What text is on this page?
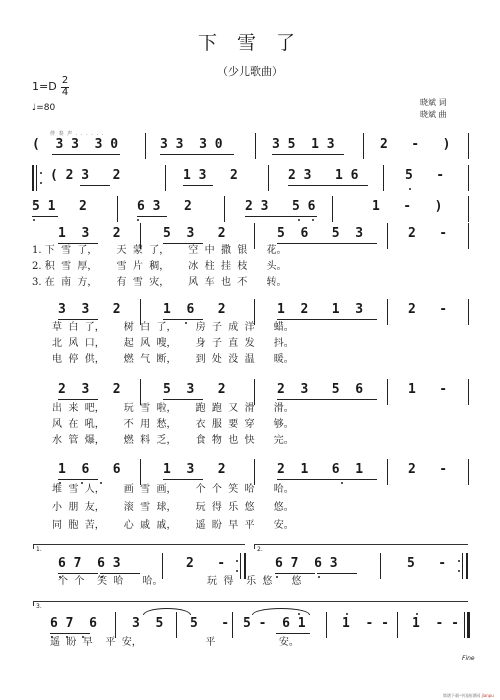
下 雪 了
（少儿歌曲）
1=D 2
4
♩=80
晓斌 词
晓斌 曲
伴 奏 声 . . . . . .
(  3 3  3 0	3 3  3 0	3 5  1 3	2   -   )
( 2 3   2	1 3   2	2 3   1 6	5   -
5 1   2	6 3   2	2 3   5 6	1   -   )
1  3   2	5  3   2	5  6   5  3	2   -
1. 下  雪  了，      天  蒙  了，      空  中  撒  银      花。
2. 积  雪  厚，      雪  片  稠，      冰  柱  挂  枝      头。
3. 在  南  方，      有  雪  灾，      风  车  也  不      转。
3  3   2	1  6   2	1  2   1  3	2   -
草  白  了，      树  白  了，      房  子  成  洋      蜡。
北  风  口，      起  风  嗖，      身  子  直  发      抖。
电  停  供，      燃  气  断，      到  处  没  温      暖。
2  3   2	5  3   2	2  3   5  6	1   -
出  来  吧，      玩  雪  啦，      跑  跑  又  滑      滑。
风  在  吼，      不  用  愁，      衣  服  要  穿      够。
水  管  爆，      燃  料  乏，      食  物  也  快      完。
1  6   6	1  3   2	2  1   6  1	2   -
堆  雪  人，      画  雪  画，      个  个  笑  哈      哈。
小  朋  友，      滚  雪  球，      玩  得  乐  悠      悠。
同  胞  苦，      心  戚  戚，      遥  盼  早  平      安。
1.	2.
6 7  6 3	2   -	6 7  6 3	5   -
个  个    笑  哈      哈。              玩  得    乐  悠      悠
3.
6 7  6	3  5 5   - 5 -  6 1	1  - - 1  - -
遥  盼  早    平  安，                    平                    安。
Fine
简谱下载·中国曲谱网 jianpu
